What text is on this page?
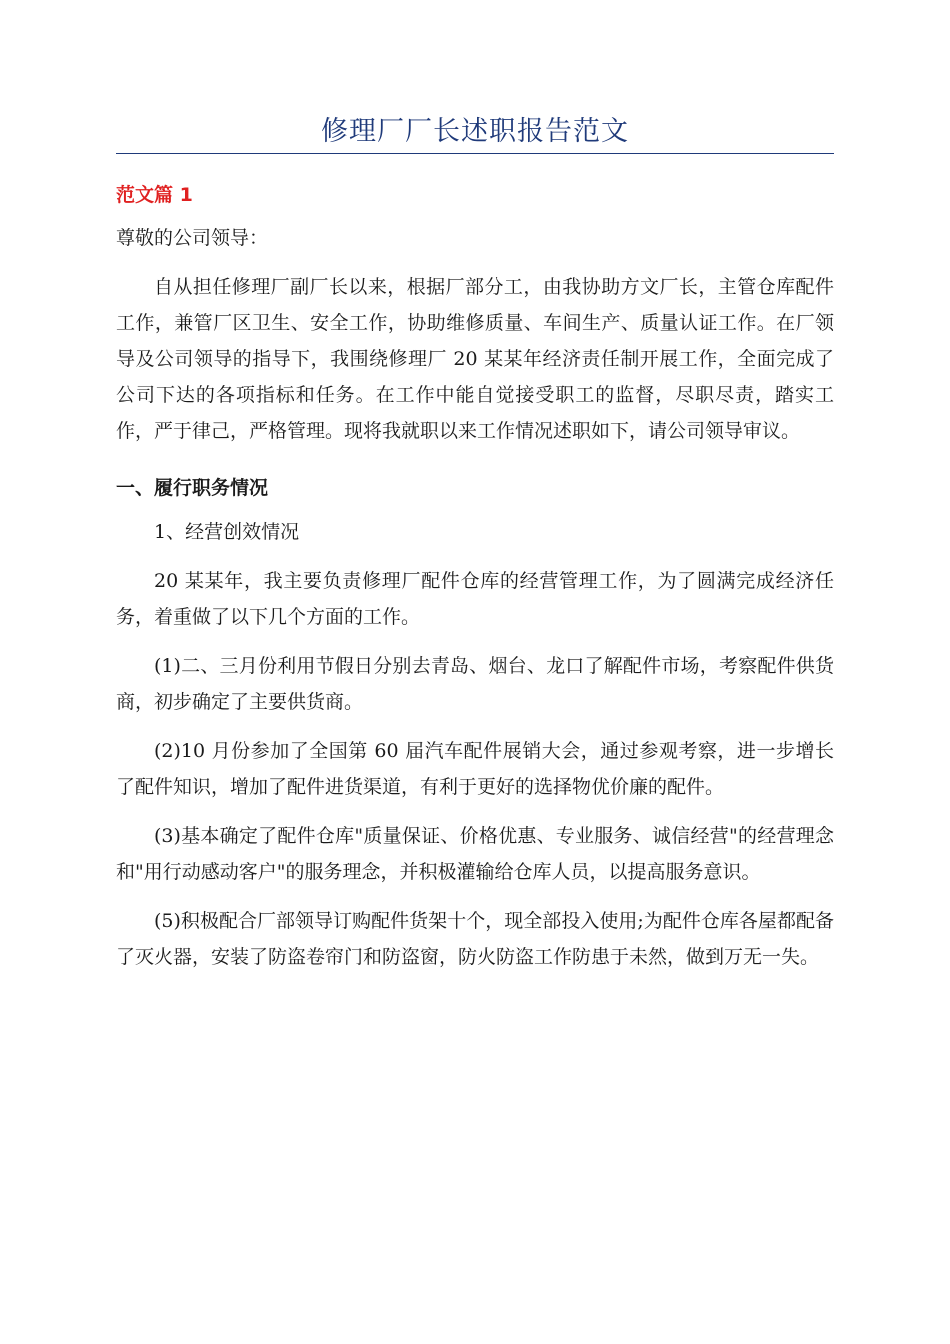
修理厂厂长述职报告范文
范文篇 1

尊敬的公司领导：

自从担任修理厂副厂长以来，根据厂部分工，由我协助方文厂长，主管仓库配件工作，兼管厂区卫生、安全工作，协助维修质量、车间生产、质量认证工作。在厂领导及公司领导的指导下，我围绕修理厂 20 某某年经济责任制开展工作，全面完成了公司下达的各项指标和任务。在工作中能自觉接受职工的监督，尽职尽责，踏实工作，严于律己，严格管理。现将我就职以来工作情况述职如下，请公司领导审议。

一、履行职务情况

1、经营创效情况

20 某某年，我主要负责修理厂配件仓库的经营管理工作，为了圆满完成经济任务，着重做了以下几个方面的工作。

(1)二、三月份利用节假日分别去青岛、烟台、龙口了解配件市场，考察配件供货商，初步确定了主要供货商。

(2)10 月份参加了全国第 60 届汽车配件展销大会，通过参观考察，进一步增长了配件知识，增加了配件进货渠道，有利于更好的选择物优价廉的配件。

(3)基本确定了配件仓库"质量保证、价格优惠、专业服务、诚信经营"的经营理念和"用行动感动客户"的服务理念，并积极灌输给仓库人员，以提高服务意识。

(5)积极配合厂部领导订购配件货架十个，现全部投入使用;为配件仓库各屋都配备了灭火器，安装了防盗卷帘门和防盗窗，防火防盗工作防患于未然，做到万无一失。
